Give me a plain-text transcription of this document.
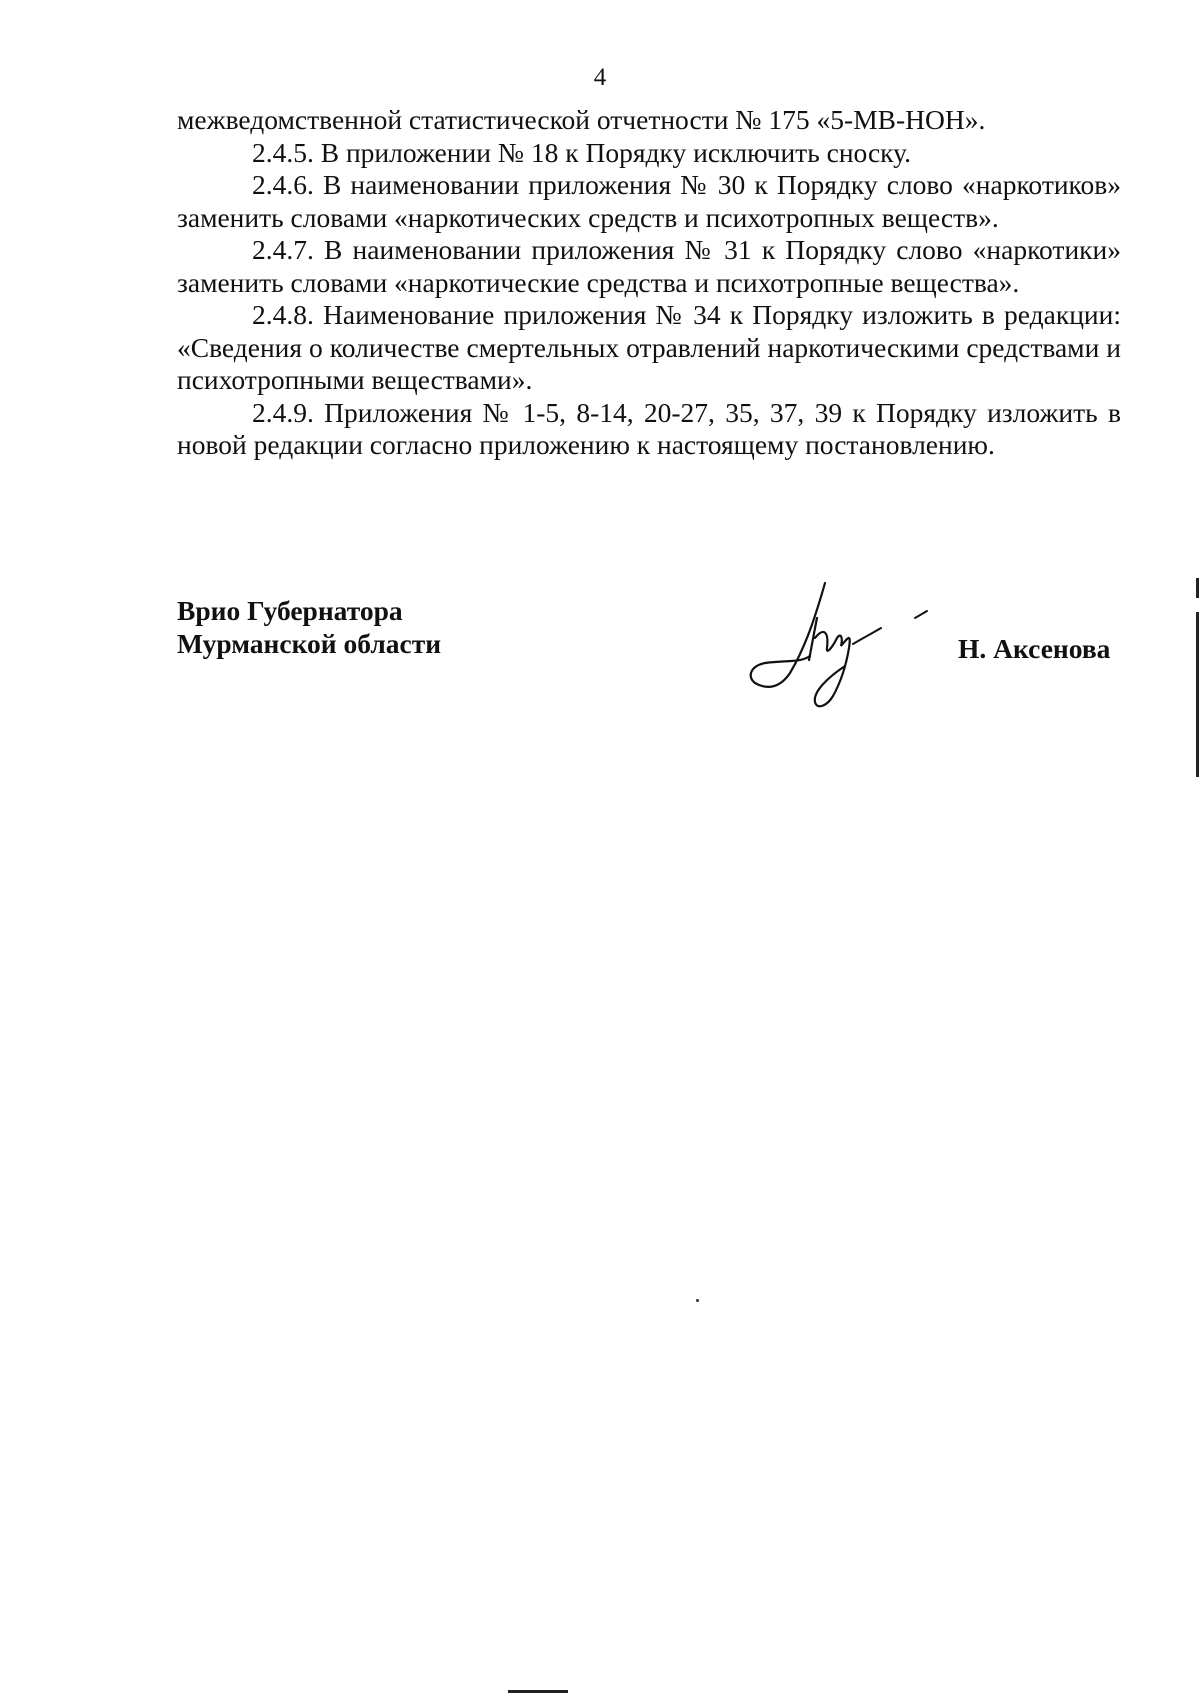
4

межведомственной статистической отчетности № 175 «5-МВ-НОН».

2.4.5. В приложении № 18 к Порядку исключить сноску.

2.4.6. В наименовании приложения № 30 к Порядку слово «наркотиков» заменить словами «наркотических средств и психотропных веществ».

2.4.7. В наименовании приложения № 31 к Порядку слово «наркотики» заменить словами «наркотические средства и психотропные вещества».

2.4.8. Наименование приложения № 34 к Порядку изложить в редакции: «Сведения о количестве смертельных отравлений наркотическими средствами и психотропными веществами».

2.4.9. Приложения № 1-5, 8-14, 20-27, 35, 37, 39 к Порядку изложить в новой редакции согласно приложению к настоящему постановлению.

Врио Губернатора
Мурманской области	Н. Аксенова
